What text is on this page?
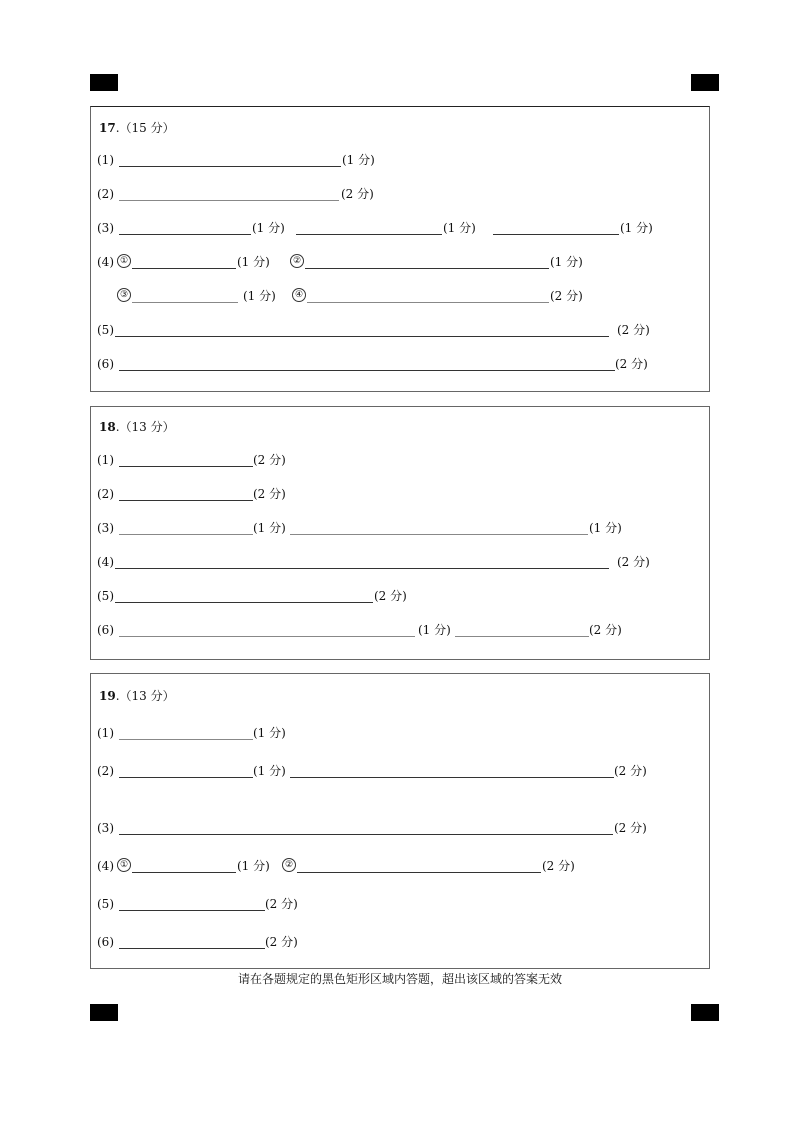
17.（15 分）
(1)	(1 分)
(2)	(2 分)
(3)	(1 分)	(1 分)	(1 分)
(4) ①	(1 分)	②	(1 分)
③	(1 分)	④	(2 分)
(5)	(2 分)
(6)	(2 分)
18.（13 分）
(1)	(2 分)
(2)	(2 分)
(3)	(1 分)	(1 分)
(4)	(2 分)
(5)	(2 分)
(6)	(1 分)	(2 分)
19.（13 分）
(1)	(1 分)
(2)	(1 分)	(2 分)
(3)	(2 分)
(4) ①	(1 分)	②	(2 分)
(5)	(2 分)
(6)	(2 分)
请在各题规定的黑色矩形区域内答题，超出该区域的答案无效
